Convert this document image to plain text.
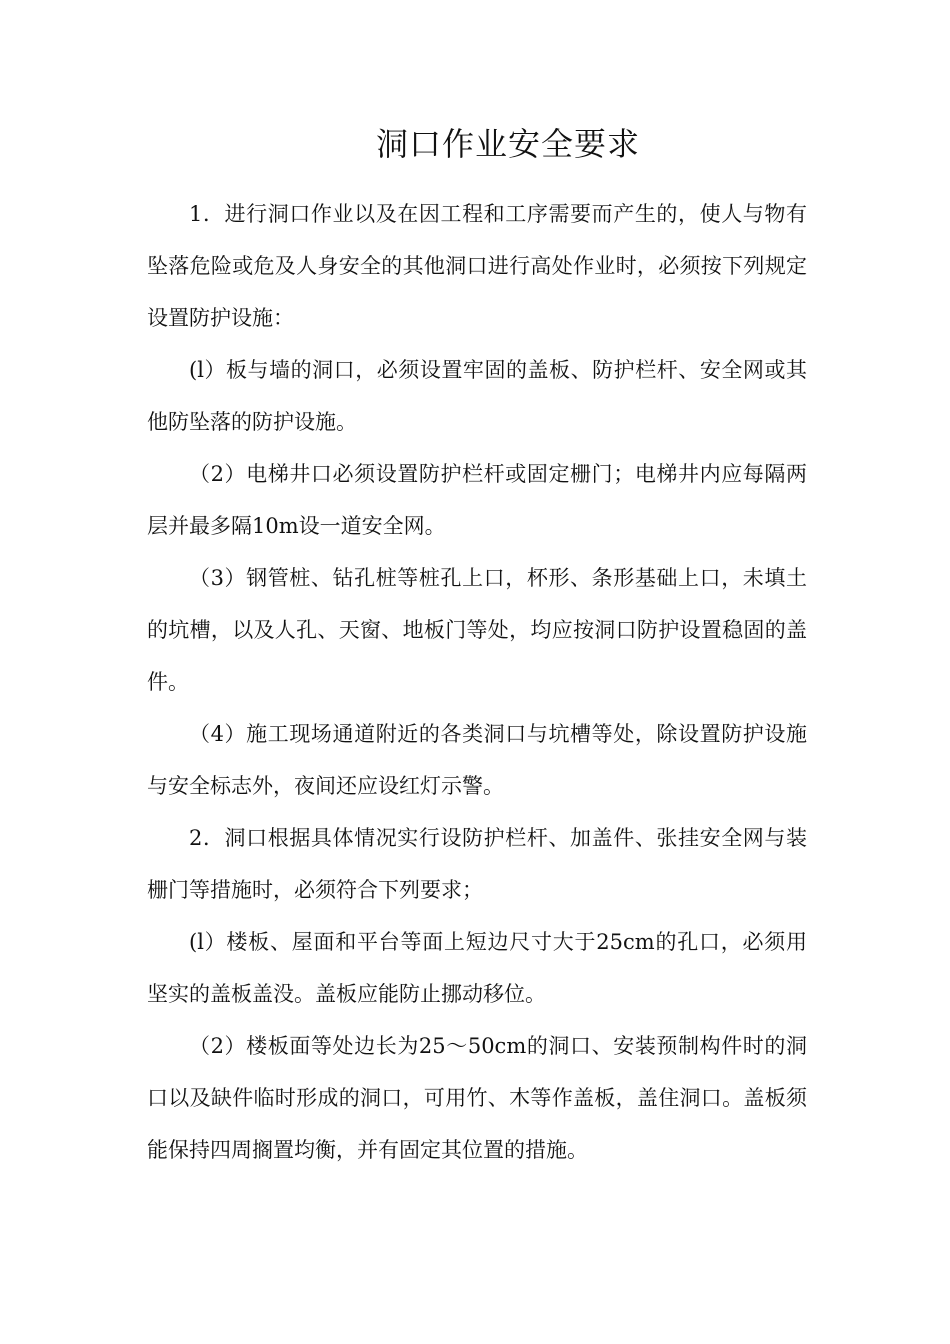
洞口作业安全要求

1．进行洞口作业以及在因工程和工序需要而产生的，使人与物有坠落危险或危及人身安全的其他洞口进行高处作业时，必须按下列规定设置防护设施：

(l）板与墙的洞口，必须设置牢固的盖板、防护栏杆、安全网或其他防坠落的防护设施。

（2）电梯井口必须设置防护栏杆或固定栅门；电梯井内应每隔两层并最多隔10m设一道安全网。

（3）钢管桩、钻孔桩等桩孔上口，杯形、条形基础上口，未填土的坑槽，以及人孔、天窗、地板门等处，均应按洞口防护设置稳固的盖件。

（4）施工现场通道附近的各类洞口与坑槽等处，除设置防护设施与安全标志外，夜间还应设红灯示警。

2．洞口根据具体情况实行设防护栏杆、加盖件、张挂安全网与装栅门等措施时，必须符合下列要求；

(l）楼板、屋面和平台等面上短边尺寸大于25cm的孔口，必须用坚实的盖板盖没。盖板应能防止挪动移位。

（2）楼板面等处边长为25～50cm的洞口、安装预制构件时的洞口以及缺件临时形成的洞口，可用竹、木等作盖板，盖住洞口。盖板须能保持四周搁置均衡，并有固定其位置的措施。
